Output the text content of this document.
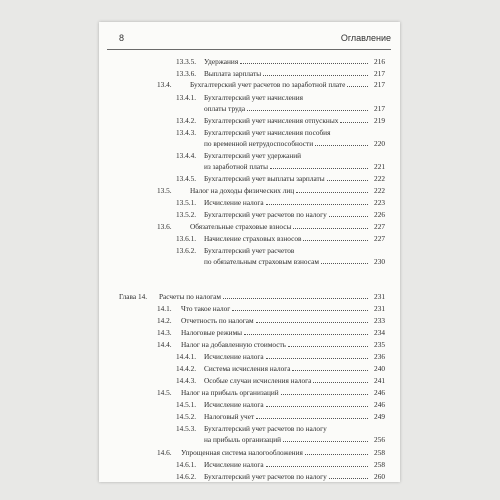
8	Оглавление
13.3.5. Удержания	216
13.3.6. Выплата зарплаты	217
13.4.	Бухгалтерский учет расчетов по заработной плате	217
13.4.1. Бухгалтерский учет начисления
оплаты труда	217
13.4.2. Бухгалтерский учет начисления отпускных	219
13.4.3. Бухгалтерский учет начисления пособия
по временной нетрудоспособности	220
13.4.4. Бухгалтерский учет удержаний
из заработной платы	221
13.4.5. Бухгалтерский учет выплаты зарплаты	222
13.5.	Налог на доходы физических лиц	222
13.5.1. Исчисление налога	223
13.5.2. Бухгалтерский учет расчетов по налогу	226
13.6.	Обязательные страховые взносы	227
13.6.1. Начисление страховых взносов	227
13.6.2. Бухгалтерский учет расчетов
по обязательным страховым взносам	230
Глава 14. Расчеты по налогам	231
14.1. Что такое налог	231
14.2. Отчетность по налогам	233
14.3. Налоговые режимы	234
14.4. Налог на добавленную стоимость	235
14.4.1. Исчисление налога	236
14.4.2. Система исчисления налога	240
14.4.3. Особые случаи исчисления налога	241
14.5. Налог на прибыль организаций	246
14.5.1. Исчисление налога	246
14.5.2. Налоговый учет	249
14.5.3. Бухгалтерский учет расчетов по налогу
на прибыль организаций	256
14.6. Упрощенная система налогообложения	258
14.6.1. Исчисление налога	258
14.6.2. Бухгалтерский учет расчетов по налогу	260
